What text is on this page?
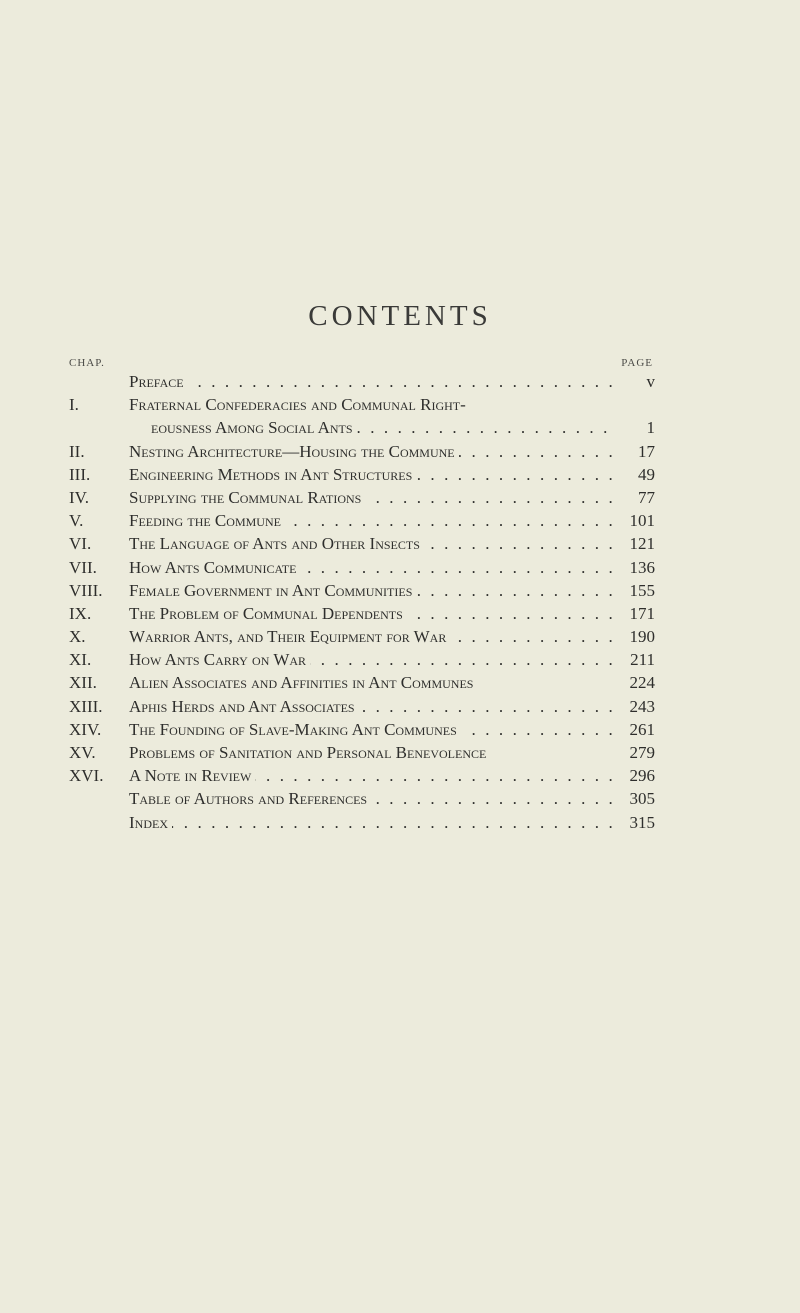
CONTENTS
CHAP.	PAGE
Preface . . .	v
I.	Fraternal Confederacies and Communal Right-
eousness Among Social Ants . . .	1
II.	Nesting Architecture—Housing the Commune . . .	17
III.	Engineering Methods in Ant Structures . . .	49
IV.	Supplying the Communal Rations . . .	77
V.	Feeding the Commune . . .	101
VI.	The Language of Ants and Other Insects . . .	121
VII.	How Ants Communicate . . .	136
VIII.	Female Government in Ant Communities . . .	155
IX.	The Problem of Communal Dependents . . .	171
X.	Warrior Ants, and Their Equipment for War . . .	190
XI.	How Ants Carry on War . . .	211
XII.	Alien Associates and Affinities in Ant Communes	224
XIII.	Aphis Herds and Ant Associates . . .	243
XIV.	The Founding of Slave-Making Ant Communes . . .	261
XV.	Problems of Sanitation and Personal Benevolence	279
XVI.	A Note in Review . . .	296
Table of Authors and References . . .	305
Index . . .	315
